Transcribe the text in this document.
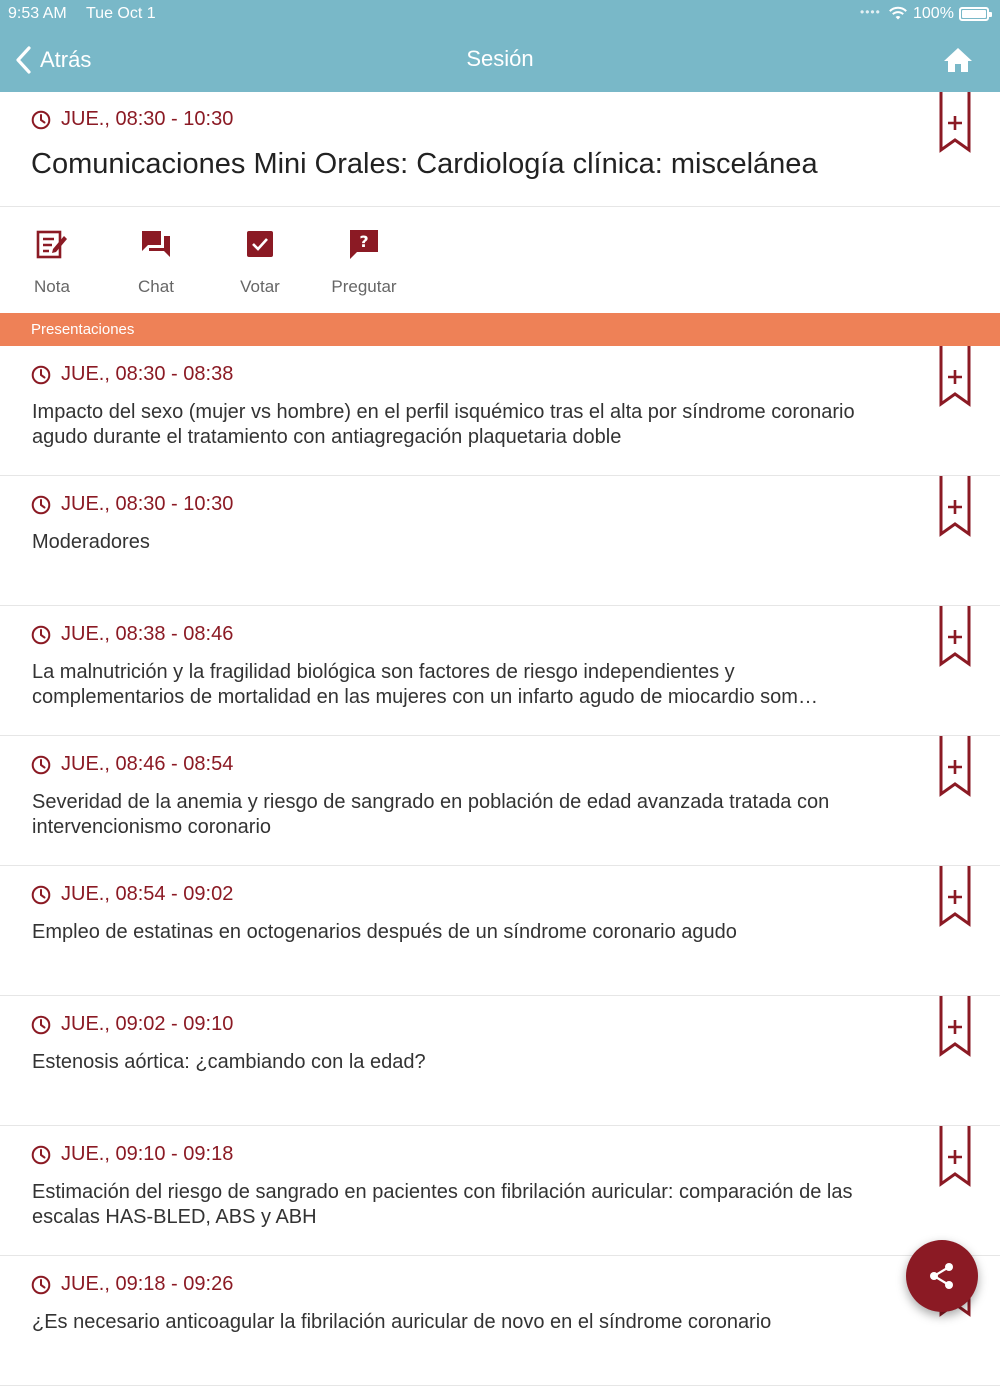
9:53 AM Tue Oct 1	•••• 100%
Atrás	Sesión
JUE., 08:30 - 10:30
Comunicaciones Mini Orales: Cardiología clínica: miscelánea
Nota	Chat	Votar
?
Pregutar
Presentaciones
JUE., 08:30 - 08:38
Impacto del sexo (mujer vs hombre) en el perfil isquémico tras el alta por síndrome coronario agudo durante el tratamiento con antiagregación plaquetaria doble
JUE., 08:30 - 10:30
Moderadores
JUE., 08:38 - 08:46
La malnutrición y la fragilidad biológica son factores de riesgo independientes y complementarios de mortalidad en las mujeres con un infarto agudo de miocardio som…
JUE., 08:46 - 08:54
Severidad de la anemia y riesgo de sangrado en población de edad avanzada tratada con intervencionismo coronario
JUE., 08:54 - 09:02
Empleo de estatinas en octogenarios después de un síndrome coronario agudo
JUE., 09:02 - 09:10
Estenosis aórtica: ¿cambiando con la edad?
JUE., 09:10 - 09:18
Estimación del riesgo de sangrado en pacientes con fibrilación auricular: comparación de las escalas HAS-BLED, ABS y ABH
JUE., 09:18 - 09:26
¿Es necesario anticoagular la fibrilación auricular de novo en el síndrome coronario
